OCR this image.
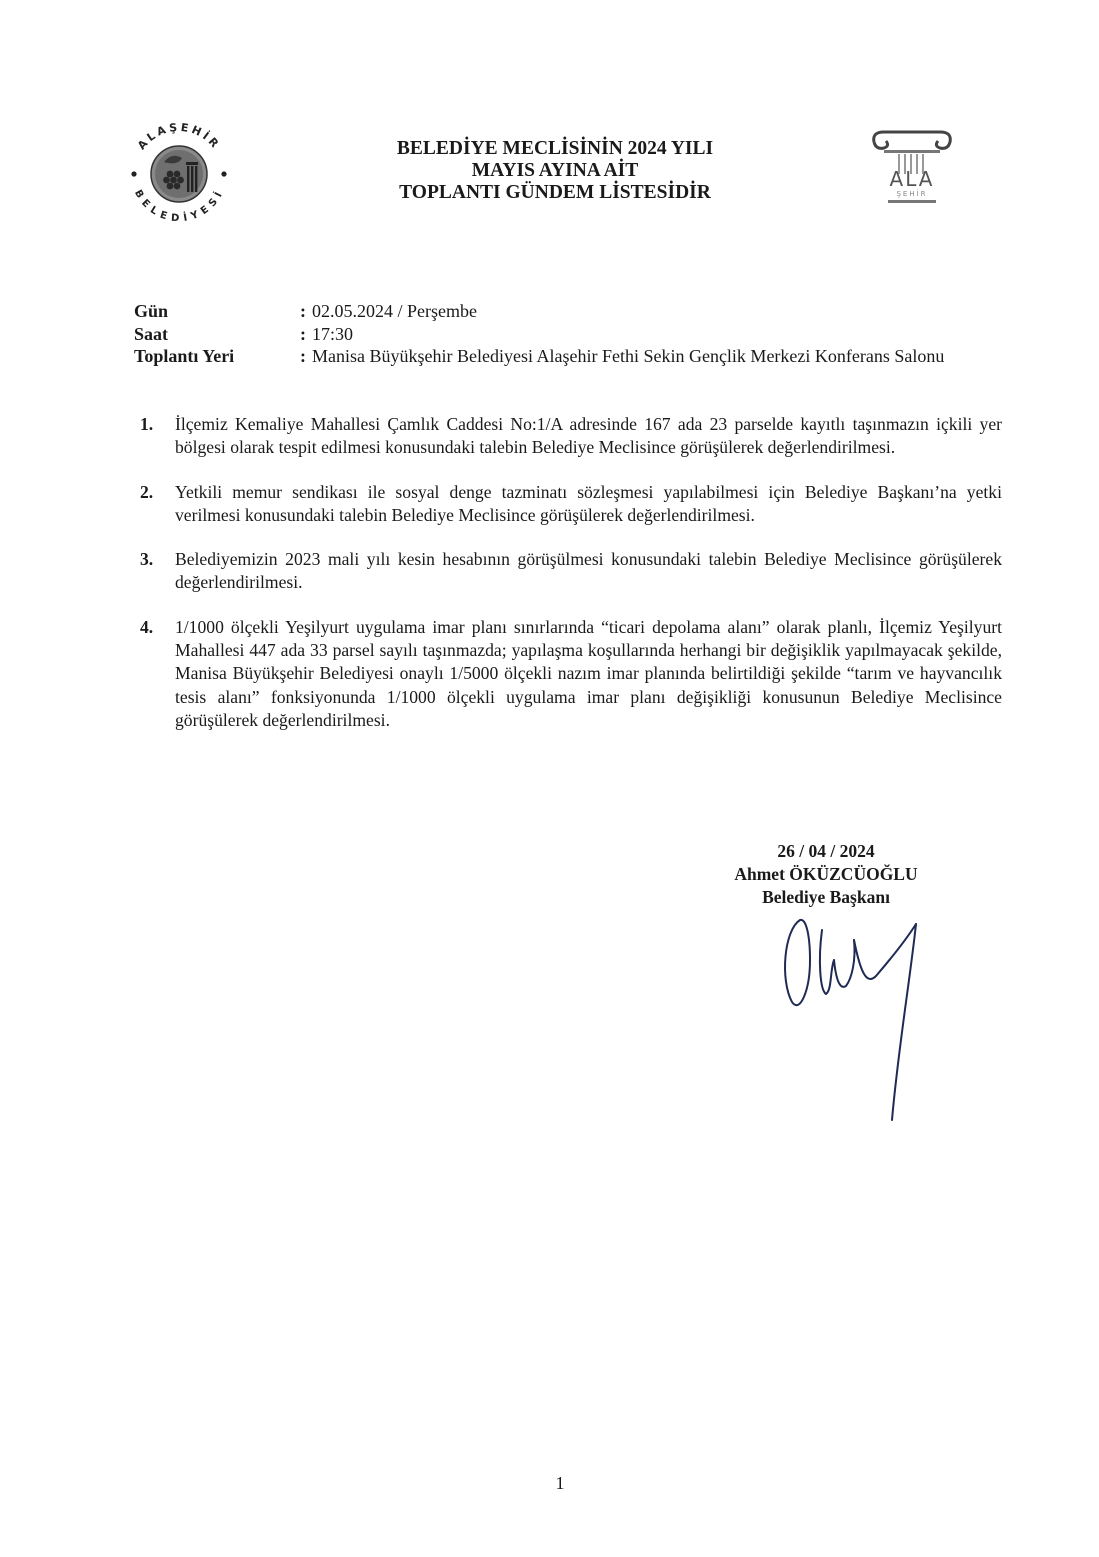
ALAŞEHİR
BELEDİYESİ
ALA
ŞEHİR
BELEDİYE MECLİSİNİN 2024 YILI
MAYIS AYINA AİT
TOPLANTI GÜNDEM LİSTESİDİR
Gün	: 02.05.2024 / Perşembe
Saat	: 17:30
Toplantı Yeri	: Manisa Büyükşehir Belediyesi Alaşehir Fethi Sekin Gençlik Merkezi Konferans Salonu
1.	İlçemiz Kemaliye Mahallesi Çamlık Caddesi No:1/A adresinde 167 ada 23 parselde kayıtlı taşınmazın içkili yer bölgesi olarak tespit edilmesi konusundaki talebin Belediye Meclisince görüşülerek değerlendirilmesi.
2.	Yetkili memur sendikası ile sosyal denge tazminatı sözleşmesi yapılabilmesi için Belediye Başkanı’na yetki verilmesi konusundaki talebin Belediye Meclisince görüşülerek değerlendirilmesi.
3.	Belediyemizin 2023 mali yılı kesin hesabının görüşülmesi konusundaki talebin Belediye Meclisince görüşülerek değerlendirilmesi.
4.	1/1000 ölçekli Yeşilyurt uygulama imar planı sınırlarında “ticari depolama alanı” olarak planlı, İlçemiz Yeşilyurt Mahallesi 447 ada 33 parsel sayılı taşınmazda; yapılaşma koşullarında herhangi bir değişiklik yapılmayacak şekilde, Manisa Büyükşehir Belediyesi onaylı 1/5000 ölçekli nazım imar planında belirtildiği şekilde “tarım ve hayvancılık tesis alanı” fonksiyonunda 1/1000 ölçekli uygulama imar planı değişikliği konusunun Belediye Meclisince görüşülerek değerlendirilmesi.
26 / 04 / 2024
Ahmet ÖKÜZCÜOĞLU
Belediye Başkanı
1
